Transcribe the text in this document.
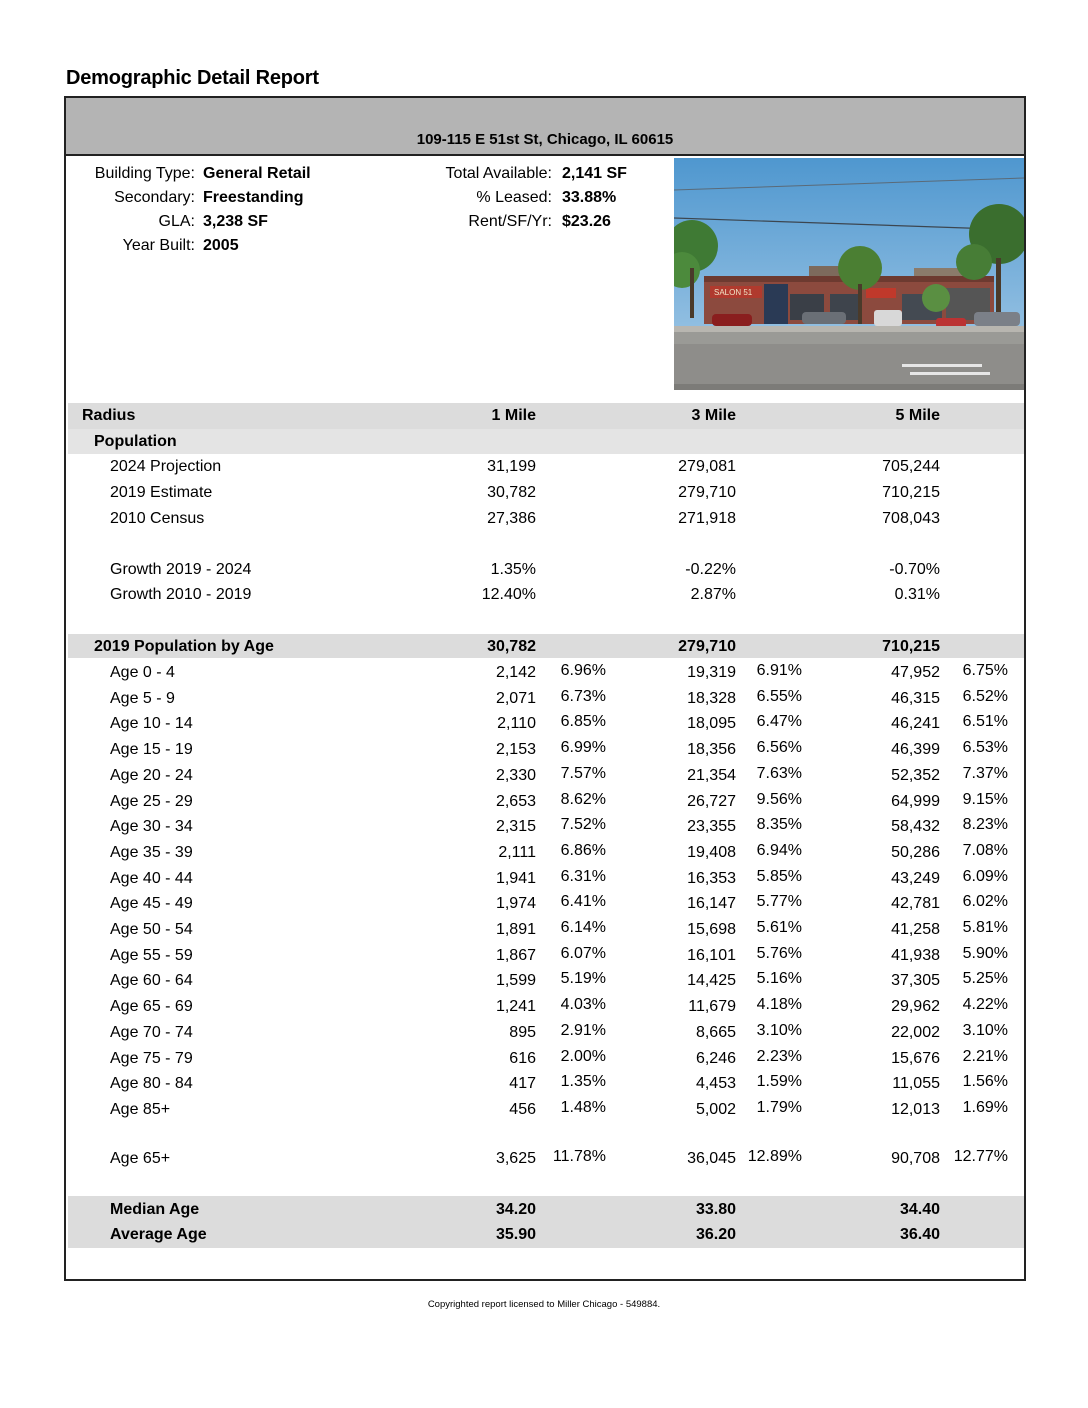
Demographic Detail Report
109-115 E 51st St, Chicago, IL 60615
Building Type: General Retail
Secondary: Freestanding
GLA: 3,238 SF
Year Built: 2005
Total Available: 2,141 SF
% Leased: 33.88%
Rent/SF/Yr: $23.26
SALON 51
Radius	1 Mile	3 Mile	5 Mile
Population
2024 Projection	31,199	279,081	705,244
2019 Estimate	30,782	279,710	710,215
2010 Census	27,386	271,918	708,043
Growth 2019 - 2024	1.35%	-0.22%	-0.70%
Growth 2010 - 2019	12.40%	2.87%	0.31%
2019 Population by Age	30,782	279,710	710,215
Age 0 - 4	2,142	6.96%	19,319	6.91%	47,952	6.75%
Age 5 - 9	2,071	6.73%	18,328	6.55%	46,315	6.52%
Age 10 - 14	2,110	6.85%	18,095	6.47%	46,241	6.51%
Age 15 - 19	2,153	6.99%	18,356	6.56%	46,399	6.53%
Age 20 - 24	2,330	7.57%	21,354	7.63%	52,352	7.37%
Age 25 - 29	2,653	8.62%	26,727	9.56%	64,999	9.15%
Age 30 - 34	2,315	7.52%	23,355	8.35%	58,432	8.23%
Age 35 - 39	2,111	6.86%	19,408	6.94%	50,286	7.08%
Age 40 - 44	1,941	6.31%	16,353	5.85%	43,249	6.09%
Age 45 - 49	1,974	6.41%	16,147	5.77%	42,781	6.02%
Age 50 - 54	1,891	6.14%	15,698	5.61%	41,258	5.81%
Age 55 - 59	1,867	6.07%	16,101	5.76%	41,938	5.90%
Age 60 - 64	1,599	5.19%	14,425	5.16%	37,305	5.25%
Age 65 - 69	1,241	4.03%	11,679	4.18%	29,962	4.22%
Age 70 - 74	895	2.91%	8,665	3.10%	22,002	3.10%
Age 75 - 79	616	2.00%	6,246	2.23%	15,676	2.21%
Age 80 - 84	417	1.35%	4,453	1.59%	11,055	1.56%
Age 85+	456	1.48%	5,002	1.79%	12,013	1.69%
Age 65+	3,625	11.78%	36,045 12.89%	90,708 12.77%
Median Age	34.20	33.80	34.40
Average Age	35.90	36.20	36.40
Copyrighted report licensed to Miller Chicago - 549884.
